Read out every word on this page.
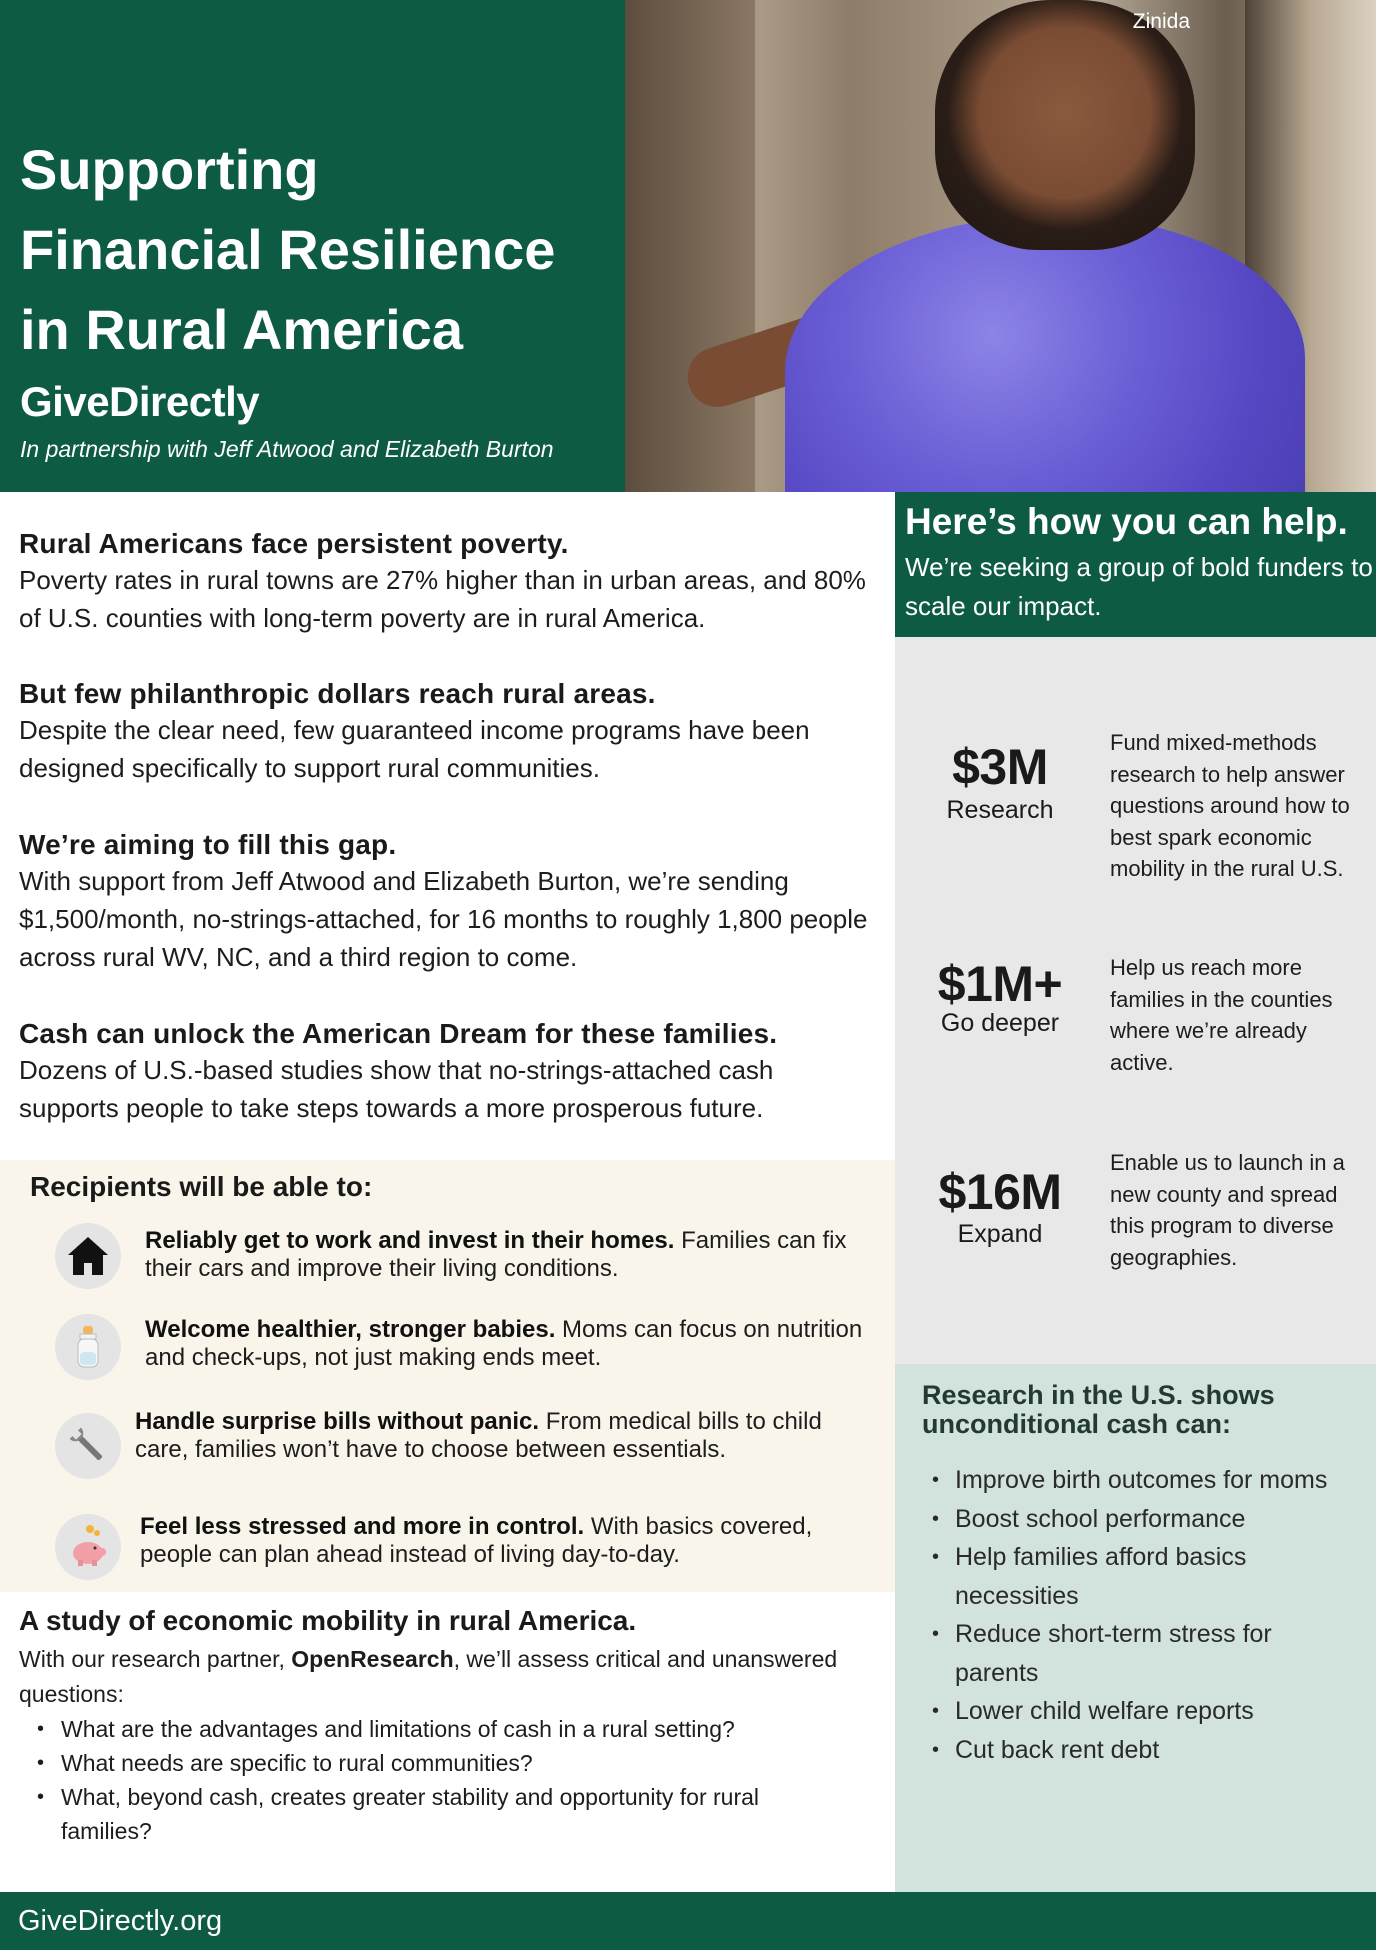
Supporting
Financial Resilience
in Rural America
GiveDirectly
In partnership with Jeff Atwood and Elizabeth Burton
Zinida
Rural Americans face persistent poverty.

Poverty rates in rural towns are 27% higher than in urban areas, and 80% of U.S. counties with long-term poverty are in rural America.

But few philanthropic dollars reach rural areas.

Despite the clear need, few guaranteed income programs have been designed specifically to support rural communities.

We’re aiming to fill this gap.

With support from Jeff Atwood and Elizabeth Burton, we’re sending $1,500/month, no-strings-attached, for 16 months to roughly 1,800 people across rural WV, NC, and a third region to come.

Cash can unlock the American Dream for these families.

Dozens of U.S.-based studies show that no-strings-attached cash supports people to take steps towards a more prosperous future.

Recipients will be able to:
Reliably get to work and invest in their homes. Families can fix their cars and improve their living conditions.
Welcome healthier, stronger babies. Moms can focus on nutrition and check-ups, not just making ends meet.
Handle surprise bills without panic. From medical bills to child care, families won’t have to choose between essentials.
Feel less stressed and more in control. With basics covered, people can plan ahead instead of living day-to-day.
A study of economic mobility in rural America.

With our research partner, OpenResearch, we’ll assess critical and unanswered questions:

• What are the advantages and limitations of cash in a rural setting?
• What needs are specific to rural communities?
• What, beyond cash, creates greater stability and opportunity for rural families?
Here’s how you can help.

We’re seeking a group of bold funders to scale our impact.

$3M
Research
Fund mixed-methods research to help answer questions around how to best spark economic mobility in the rural U.S.
$1M+
Go deeper
Help us reach more families in the counties where we’re already active.
$16M
Expand
Enable us to launch in a new county and spread this program to diverse geographies.
Research in the U.S. shows unconditional cash can:
• Improve birth outcomes for moms
• Boost school performance
• Help families afford basics necessities
• Reduce short-term stress for parents
• Lower child welfare reports
• Cut back rent debt
GiveDirectly.org
